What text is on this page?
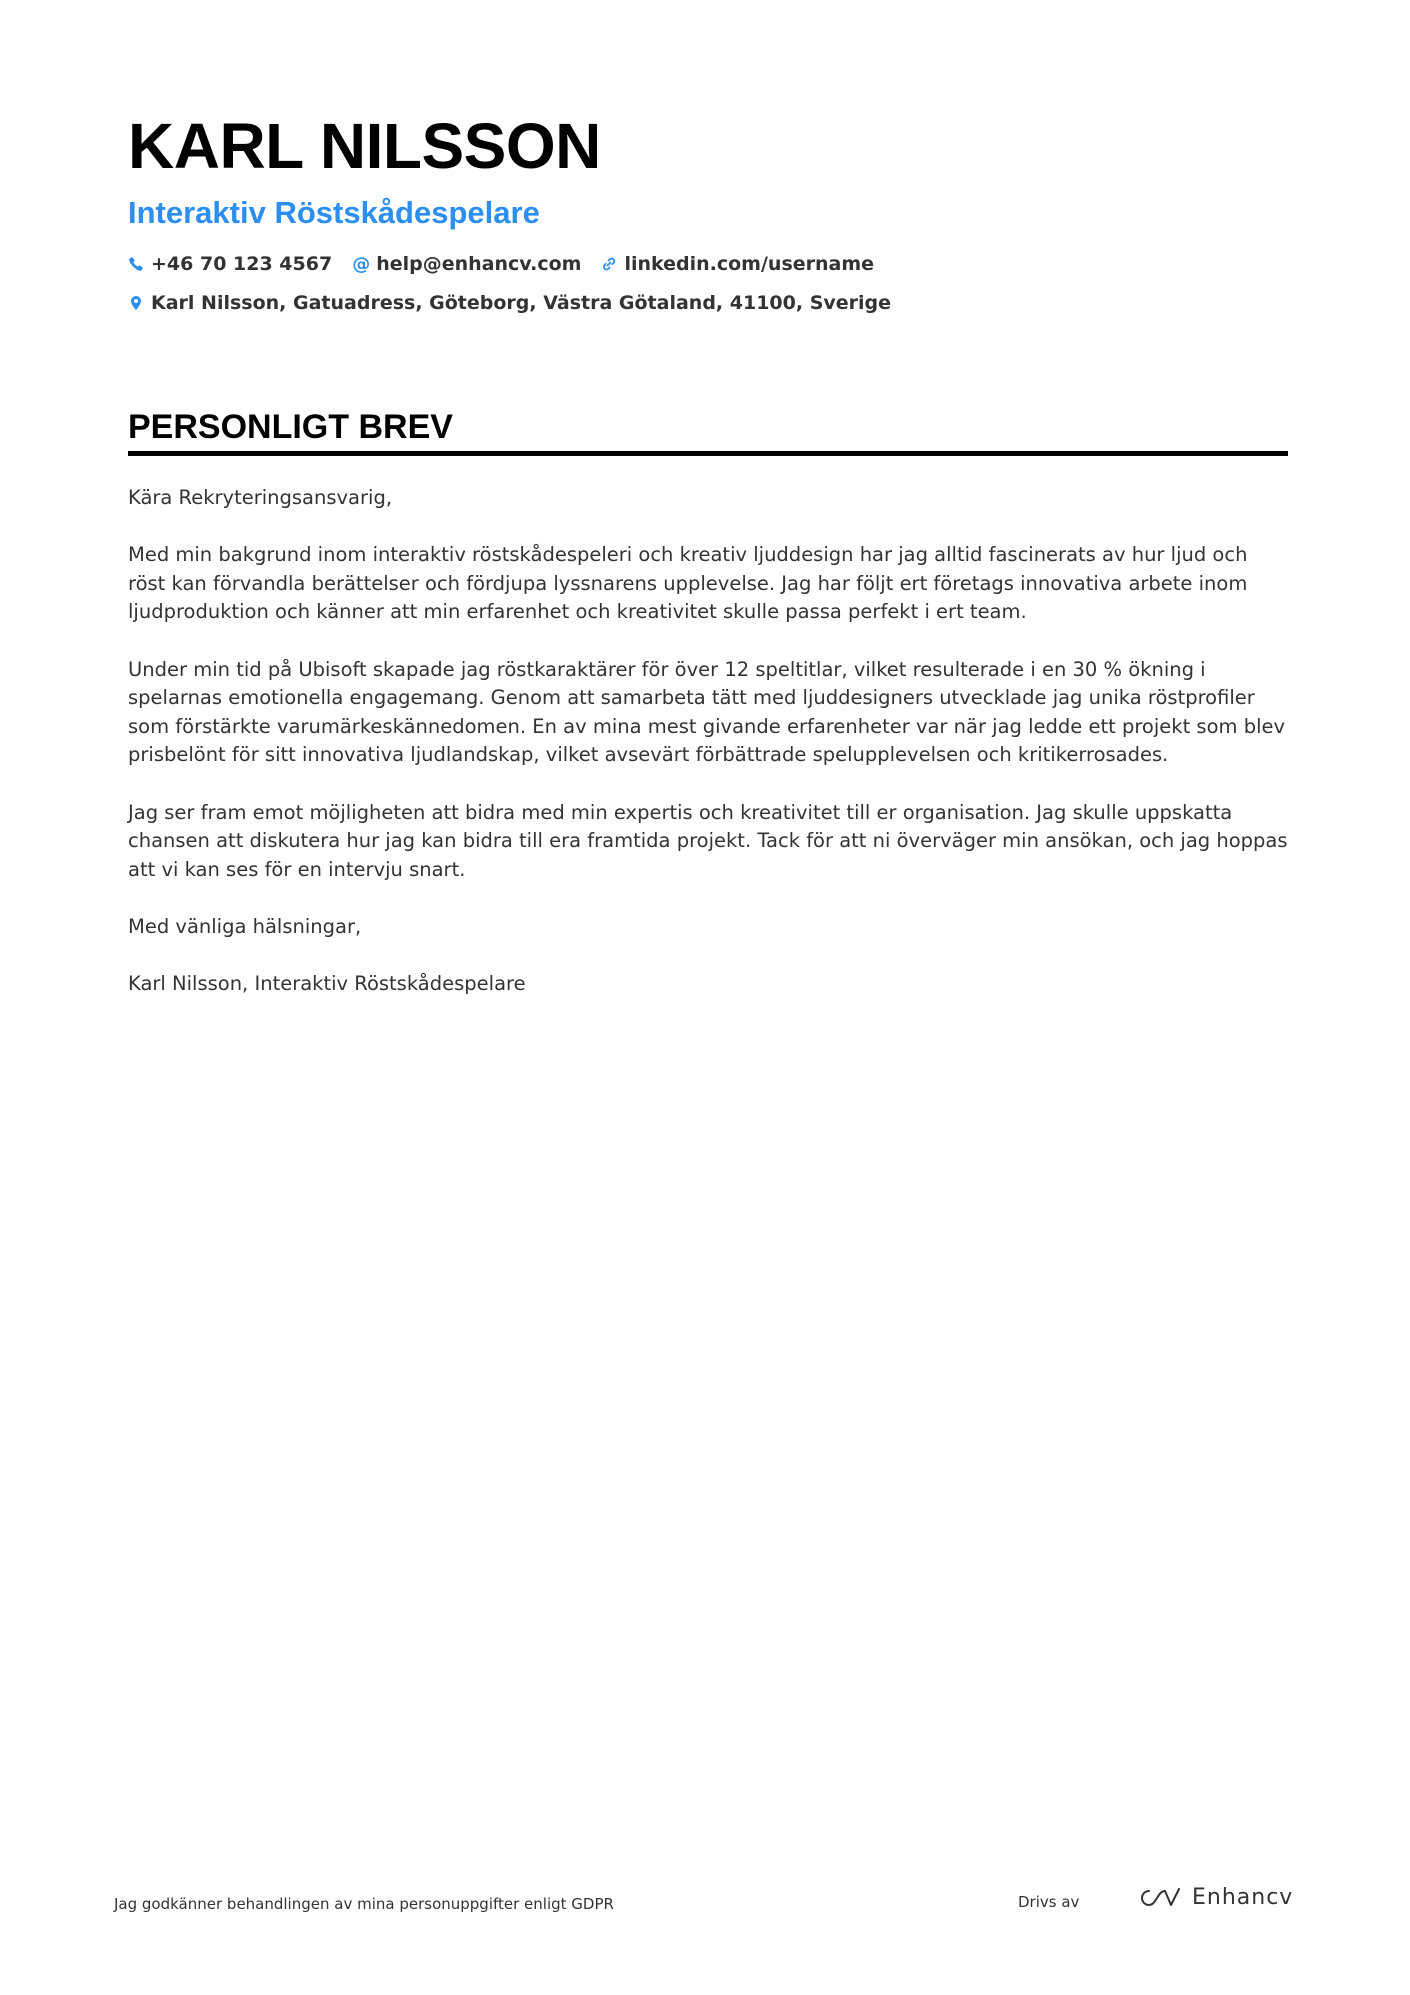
KARL NILSSON
Interaktiv Röstskådespelare
+46 70 123 4567 @ help@enhancv.com linkedin.com/username
Karl Nilsson, Gatuadress, Göteborg, Västra Götaland, 41100, Sverige
PERSONLIGT BREV

Kära Rekryteringsansvarig,

Med min bakgrund inom interaktiv röstskådespeleri och kreativ ljuddesign har jag alltid fascinerats av hur ljud och röst kan förvandla berättelser och fördjupa lyssnarens upplevelse. Jag har följt ert företags innovativa arbete inom ljudproduktion och känner att min erfarenhet och kreativitet skulle passa perfekt i ert team.

Under min tid på Ubisoft skapade jag röstkaraktärer för över 12 speltitlar, vilket resulterade i en 30 % ökning i spelarnas emotionella engagemang. Genom att samarbeta tätt med ljuddesigners utvecklade jag unika röstprofiler som förstärkte varumärkeskännedomen. En av mina mest givande erfarenheter var när jag ledde ett projekt som blev prisbelönt för sitt innovativa ljudlandskap, vilket avsevärt förbättrade spelupplevelsen och kritikerrosades.

Jag ser fram emot möjligheten att bidra med min expertis och kreativitet till er organisation. Jag skulle uppskatta chansen att diskutera hur jag kan bidra till era framtida projekt. Tack för att ni överväger min ansökan, och jag hoppas att vi kan ses för en intervju snart.

Med vänliga hälsningar,

Karl Nilsson, Interaktiv Röstskådespelare

Jag godkänner behandlingen av mina personuppgifter enligt GDPR	Drivs av	Enhancv
